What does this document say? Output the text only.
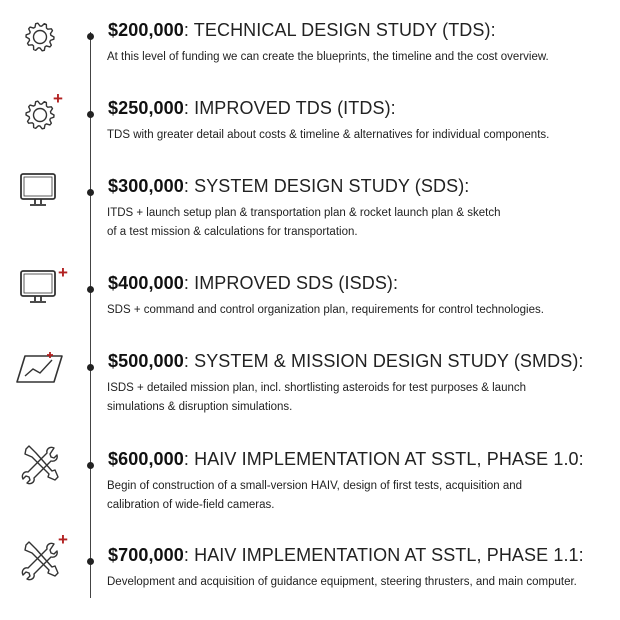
$200,000: TECHNICAL DESIGN STUDY (TDS):
At this level of funding we can create the blueprints, the timeline and the cost overview.
+	$250,000: IMPROVED TDS (ITDS):
TDS with greater detail about costs & timeline & alternatives for individual components.
$300,000: SYSTEM DESIGN STUDY (SDS):
ITDS + launch setup plan & transportation plan & rocket launch plan & sketch
of a test mission & calculations for transportation.
+
$400,000: IMPROVED SDS (ISDS):
SDS + command and control organization plan, requirements for control technologies.
$500,000: SYSTEM & MISSION DESIGN STUDY (SMDS):
ISDS + detailed mission plan, incl. shortlisting asteroids for test purposes & launch
simulations & disruption simulations.
$600,000: HAIV IMPLEMENTATION AT SSTL, PHASE 1.0:
Begin of construction of a small-version HAIV, design of first tests, acquisition and
calibration of wide-field cameras.
+
$700,000: HAIV IMPLEMENTATION AT SSTL, PHASE 1.1:
Development and acquisition of guidance equipment, steering thrusters, and main computer.
